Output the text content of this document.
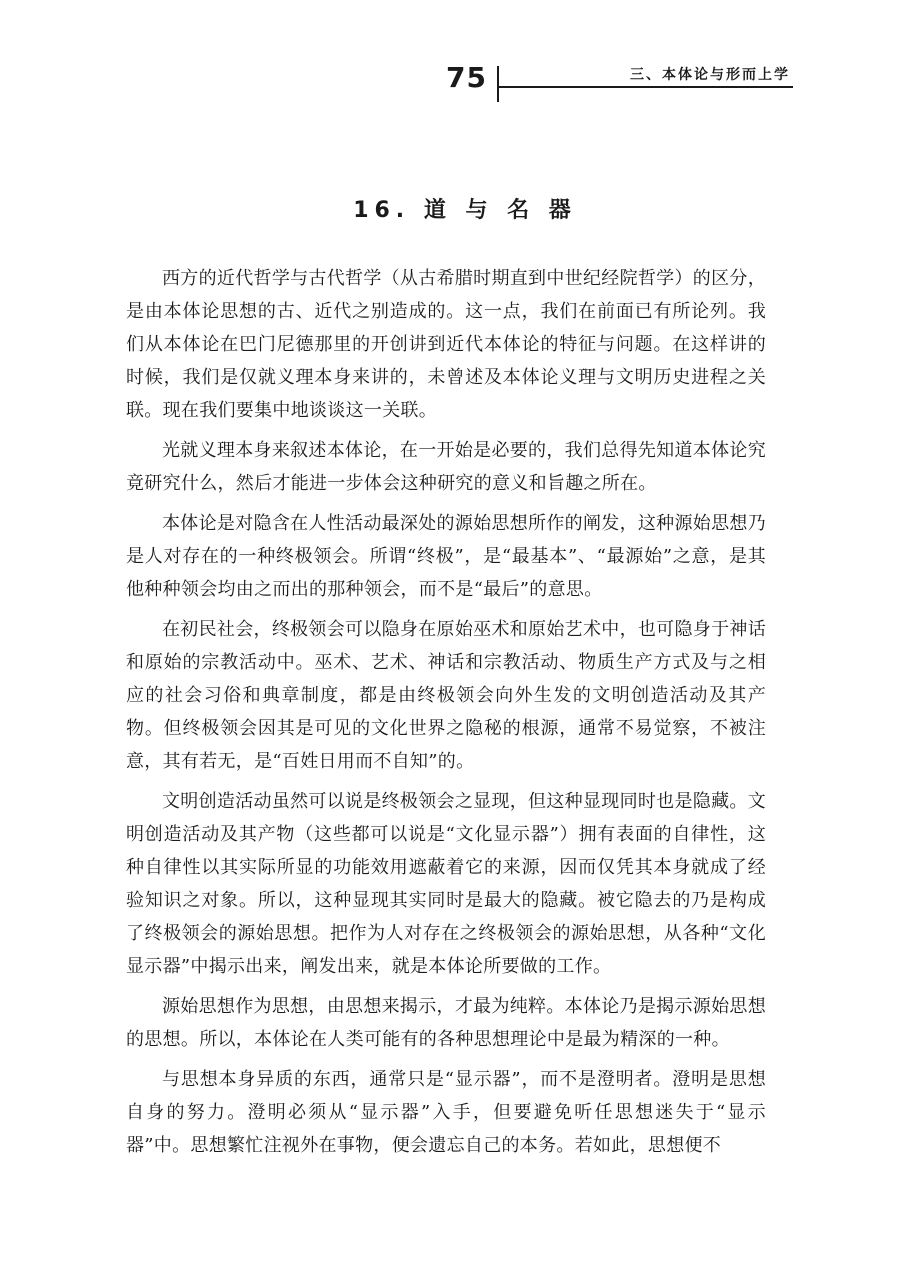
75	三、本体论与形而上学
16. 道 与 名 器

西方的近代哲学与古代哲学（从古希腊时期直到中世纪经院哲学）的区分，是由本体论思想的古、近代之别造成的。这一点，我们在前面已有所论列。我们从本体论在巴门尼德那里的开创讲到近代本体论的特征与问题。在这样讲的时候，我们是仅就义理本身来讲的，未曾述及本体论义理与文明历史进程之关联。现在我们要集中地谈谈这一关联。

光就义理本身来叙述本体论，在一开始是必要的，我们总得先知道本体论究竟研究什么，然后才能进一步体会这种研究的意义和旨趣之所在。

本体论是对隐含在人性活动最深处的源始思想所作的阐发，这种源始思想乃是人对存在的一种终极领会。所谓“终极”，是“最基本”、“最源始”之意，是其他种种领会均由之而出的那种领会，而不是“最后”的意思。

在初民社会，终极领会可以隐身在原始巫术和原始艺术中，也可隐身于神话和原始的宗教活动中。巫术、艺术、神话和宗教活动、物质生产方式及与之相应的社会习俗和典章制度，都是由终极领会向外生发的文明创造活动及其产物。但终极领会因其是可见的文化世界之隐秘的根源，通常不易觉察，不被注意，其有若无，是“百姓日用而不自知”的。

文明创造活动虽然可以说是终极领会之显现，但这种显现同时也是隐藏。文明创造活动及其产物（这些都可以说是“文化显示器”）拥有表面的自律性，这种自律性以其实际所显的功能效用遮蔽着它的来源，因而仅凭其本身就成了经验知识之对象。所以，这种显现其实同时是最大的隐藏。被它隐去的乃是构成了终极领会的源始思想。把作为人对存在之终极领会的源始思想，从各种“文化显示器”中揭示出来，阐发出来，就是本体论所要做的工作。

源始思想作为思想，由思想来揭示，才最为纯粹。本体论乃是揭示源始思想的思想。所以，本体论在人类可能有的各种思想理论中是最为精深的一种。

与思想本身异质的东西，通常只是“显示器”，而不是澄明者。澄明是思想自身的努力。澄明必须从“显示器”入手，但要避免听任思想迷失于“显示器”中。思想繁忙注视外在事物，便会遗忘自己的本务。若如此，思想便不
